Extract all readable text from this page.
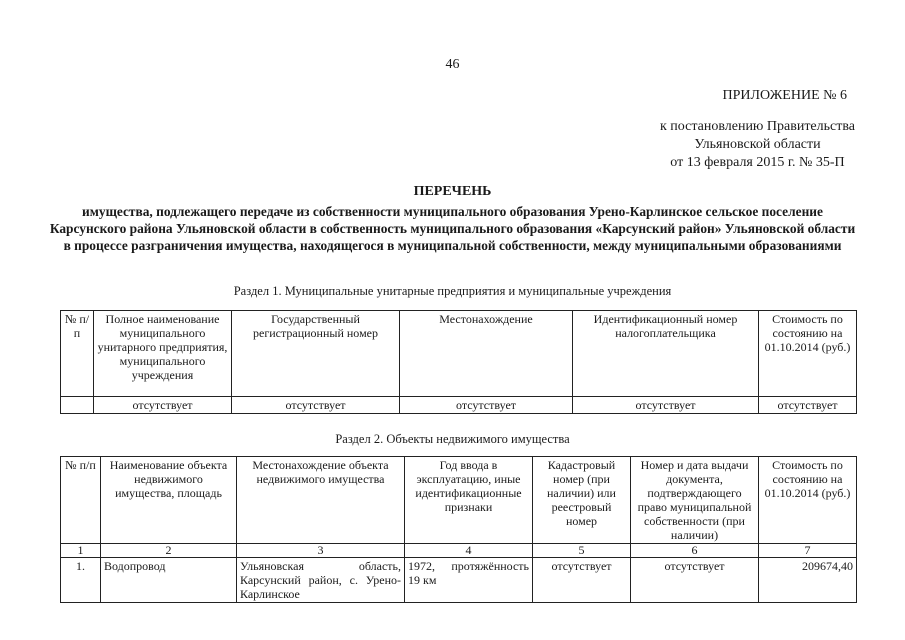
46
ПРИЛОЖЕНИЕ № 6
к постановлению Правительства
Ульяновской области
от 13 февраля 2015 г. № 35-П
ПЕРЕЧЕНЬ
имущества, подлежащего передаче из собственности муниципального образования Урено-Карлинское сельское поселение Карсунского района Ульяновской области в собственность муниципального образования «Карсунский район» Ульяновской области в процессе разграничения имущества, находящегося в муниципальной собственности, между муниципальными образованиями
Раздел 1. Муниципальные унитарные предприятия и муниципальные учреждения
№ п/п	Полное наименование муниципального унитарного предприятия, муниципального учреждения	Государственный регистрационный номер	Местонахождение	Идентификационный номер налогоплательщика	Стоимость по состоянию на 01.10.2014 (руб.)
	отсутствует	отсутствует	отсутствует	отсутствует	отсутствует
Раздел 2. Объекты недвижимого имущества
№ п/п	Наименование объекта недвижимого имущества, площадь	Местонахождение объекта недвижимого имущества	Год ввода в эксплуатацию, иные идентификационные признаки	Кадастровый номер (при наличии) или реестровый номер	Номер и дата выдачи документа, подтверждающего право муниципальной собственности (при наличии)	Стоимость по состоянию на 01.10.2014 (руб.)
1	2	3	4	5	6	7
1.	Водопровод	Ульяновская область, Карсунский район, с. Урено-Карлинское	1972, протяжённость 19 км	отсутствует	отсутствует	209674,40
